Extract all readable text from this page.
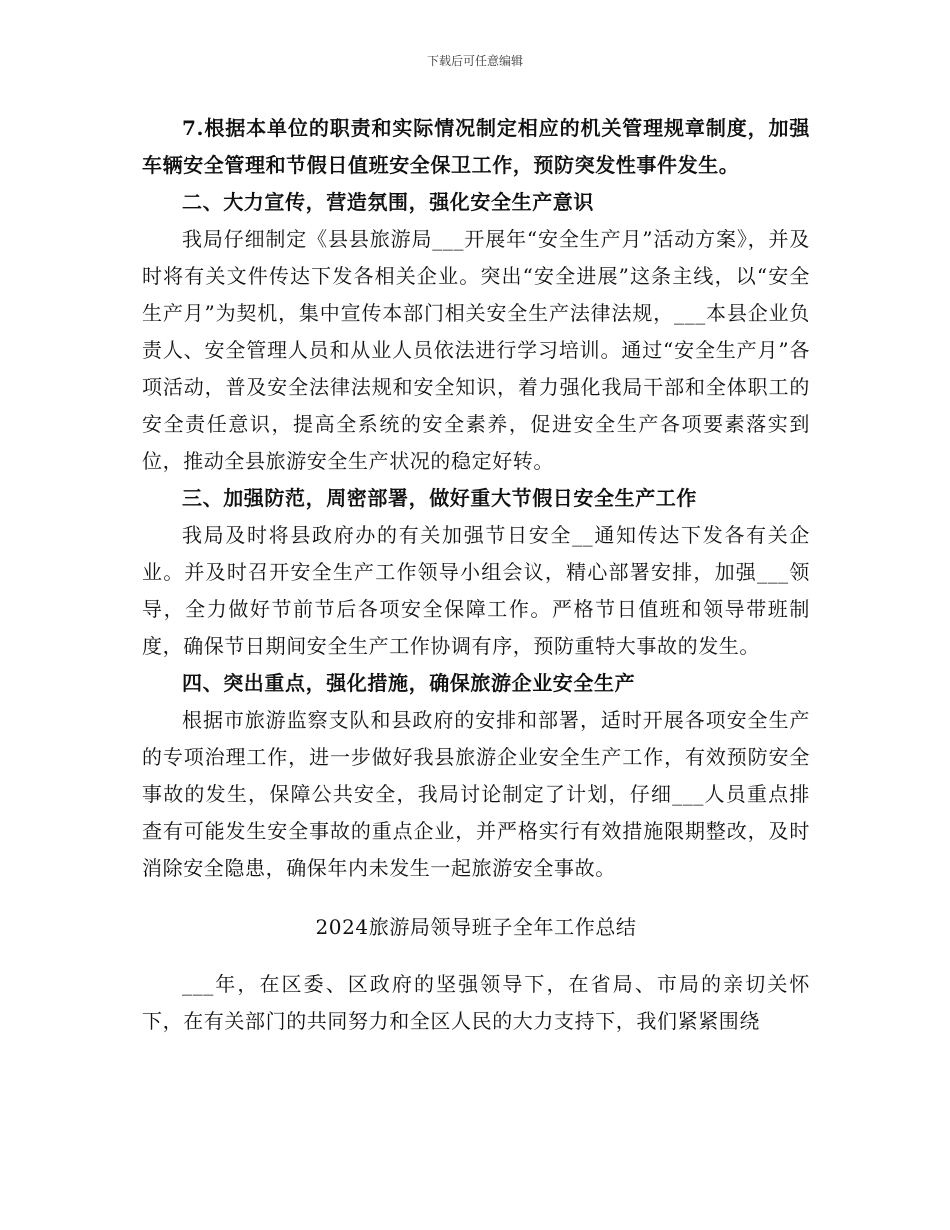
下载后可任意编辑

7.根据本单位的职责和实际情况制定相应的机关管理规章制度，加强车辆安全管理和节假日值班安全保卫工作，预防突发性事件发生。

二、大力宣传，营造氛围，强化安全生产意识

我局仔细制定《县县旅游局___开展年“安全生产月”活动方案》，并及时将有关文件传达下发各相关企业。突出“安全进展”这条主线，以“安全生产月”为契机，集中宣传本部门相关安全生产法律法规，___本县企业负责人、安全管理人员和从业人员依法进行学习培训。通过“安全生产月”各项活动，普及安全法律法规和安全知识，着力强化我局干部和全体职工的安全责任意识，提高全系统的安全素养，促进安全生产各项要素落实到位，推动全县旅游安全生产状况的稳定好转。

三、加强防范，周密部署，做好重大节假日安全生产工作

我局及时将县政府办的有关加强节日安全__通知传达下发各有关企业。并及时召开安全生产工作领导小组会议，精心部署安排，加强___领导，全力做好节前节后各项安全保障工作。严格节日值班和领导带班制度，确保节日期间安全生产工作协调有序，预防重特大事故的发生。

四、突出重点，强化措施，确保旅游企业安全生产

根据市旅游监察支队和县政府的安排和部署，适时开展各项安全生产的专项治理工作，进一步做好我县旅游企业安全生产工作，有效预防安全事故的发生，保障公共安全，我局讨论制定了计划，仔细___人员重点排查有可能发生安全事故的重点企业，并严格实行有效措施限期整改，及时消除安全隐患，确保年内未发生一起旅游安全事故。

2024旅游局领导班子全年工作总结

___年，在区委、区政府的坚强领导下，在省局、市局的亲切关怀下，在有关部门的共同努力和全区人民的大力支持下，我们紧紧围绕
